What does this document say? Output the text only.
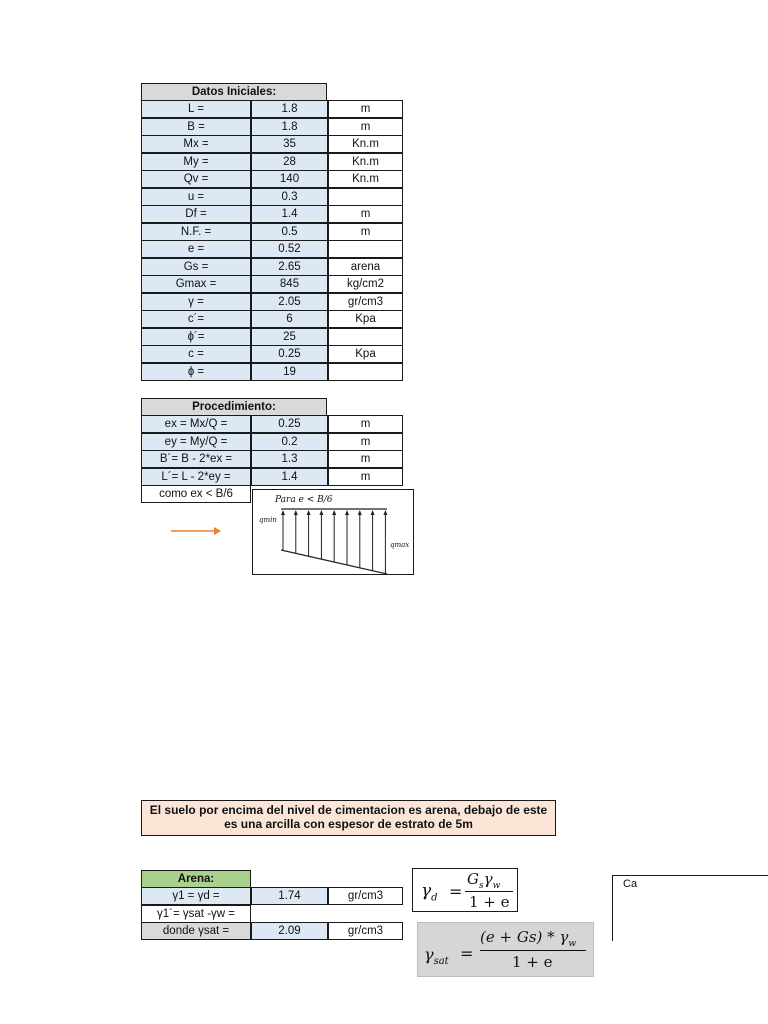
Datos Iniciales:
L =	1.8	m
B =	1.8	m
Mx =	35	Kn.m
My =	28	Kn.m
Qv =	140	Kn.m
u =	0.3
Df =	1.4	m
N.F. =	0.5	m
e =	0.52
Gs =	2.65	arena
Gmax =	845	kg/cm2
γ =	2.05	gr/cm3
c´=	6	Kpa
ɸ´=	25
c =	0.25	Kpa
ɸ =	19
Procedimiento:
ex = Mx/Q =	0.25	m
ey = My/Q =	0.2	m
B´= B - 2*ex =	1.3	m
L´= L - 2*ey =	1.4	m
como ex < B/6	Para e < B/6
qmin
qmax
El suelo por encima del nivel de cimentacion es arena, debajo de este
es una arcilla con espesor de estrato de 5m
Arena:
γ1 = γd =	1.74	gr/cm3
γ1´= γsat -γw =
donde γsat =	2.09	gr/cm3
$\gamma_d$ =
$G_s\gamma_w$
1 + e
$\gamma_{sat}$ =
$(e + Gs) * \gamma_w$
1 + e
Ca
